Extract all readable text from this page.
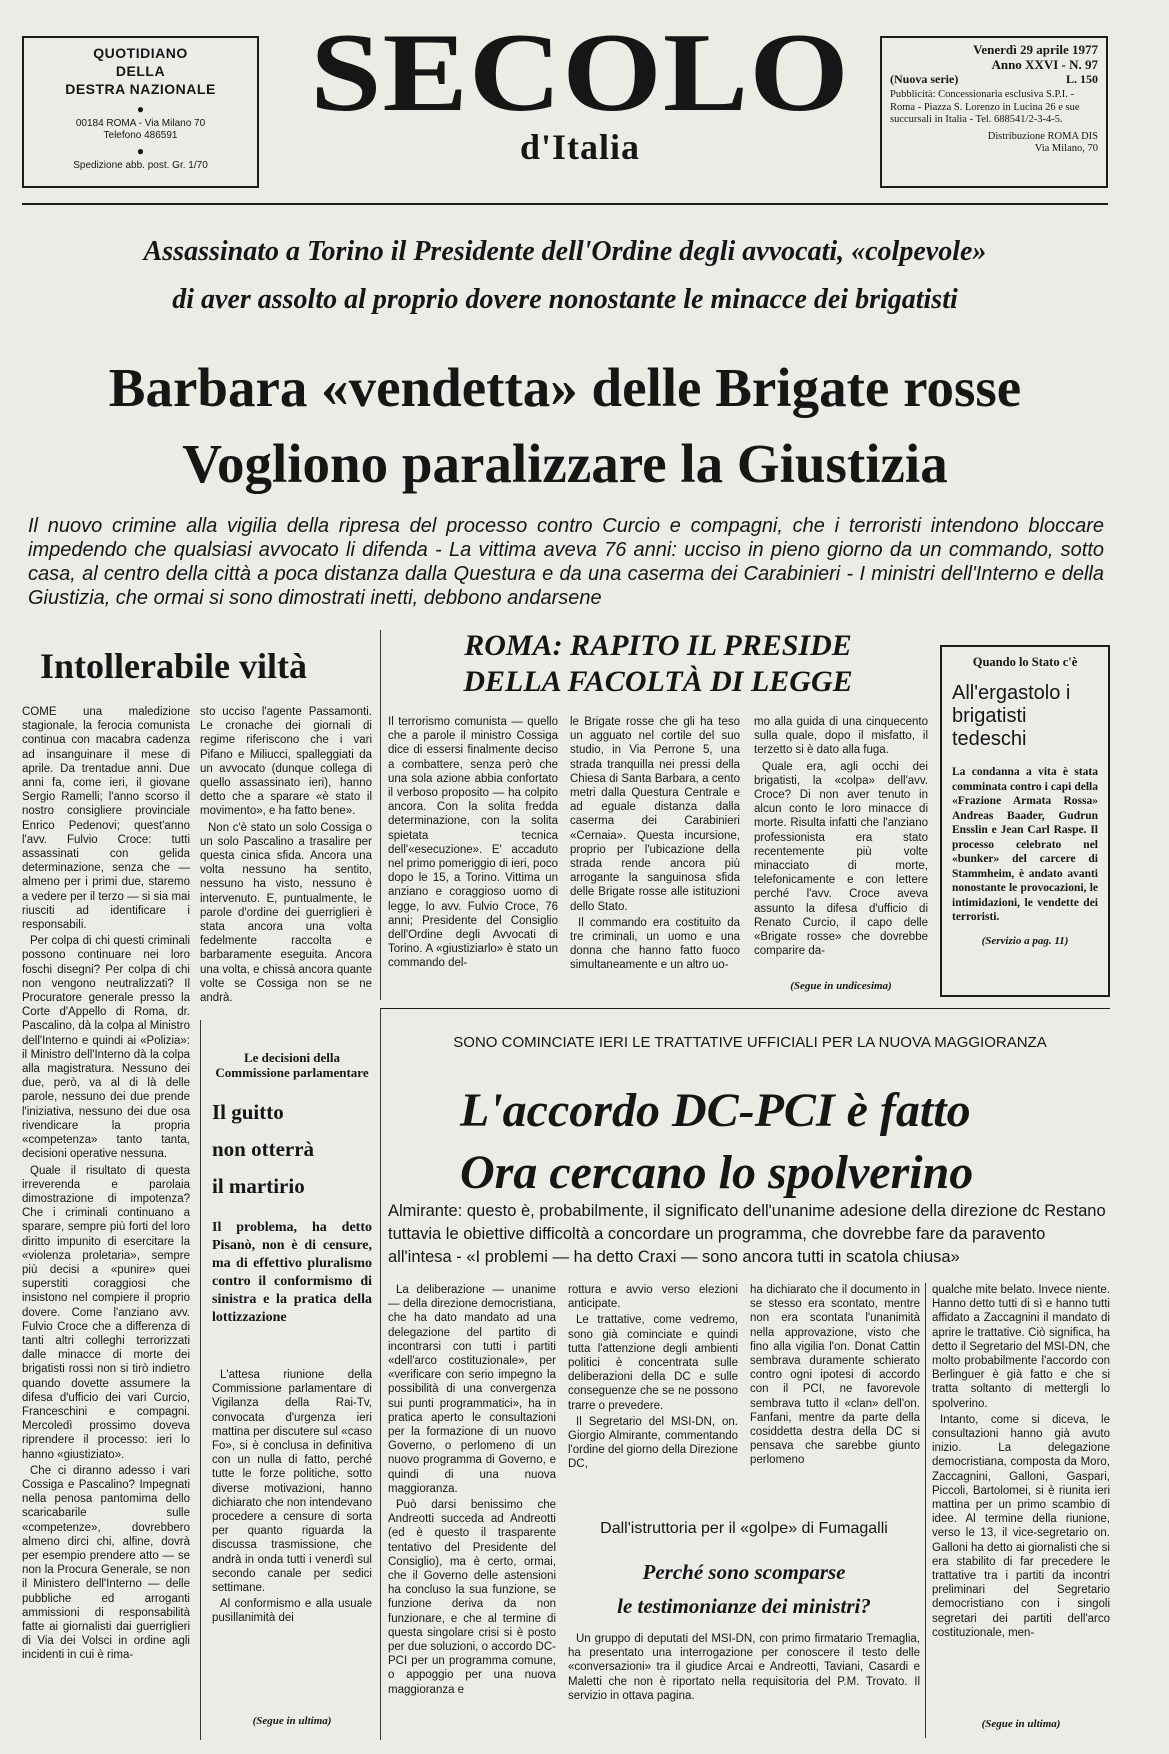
QUOTIDIANO
DELLA
DESTRA NAZIONALE
●
00184 ROMA - Via Milano 70
Telefono 486591
●
Spedizione abb. post. Gr. 1/70
SECOLO
d'Italia
Venerdì 29 aprile 1977
Anno XXVI - N. 97
(Nuova serie)	L. 150
Pubblicità: Concessionaria esclusiva S.P.I. - Roma - Piazza S. Lorenzo in Lucina 26 e sue succursali in Italia - Tel. 688541/2-3-4-5.
Distribuzione ROMA DIS
Via Milano, 70
Assassinato a Torino il Presidente dell'Ordine degli avvocati, «colpevole»
di aver assolto al proprio dovere nonostante le minacce dei brigatisti
Barbara «vendetta» delle Brigate rosse
Vogliono paralizzare la Giustizia
Il nuovo crimine alla vigilia della ripresa del processo contro Curcio e compagni, che i terroristi intendono bloccare impedendo che qualsiasi avvocato li difenda - La vittima aveva 76 anni: ucciso in pieno giorno da un commando, sotto casa, al centro della città a poca distanza dalla Questura e da una caserma dei Carabinieri - I ministri dell'Interno e della Giustizia, che ormai si sono dimostrati inetti, debbono andarsene
Intollerabile viltà

COME una maledizione stagionale, la ferocia comunista continua con macabra cadenza ad insanguinare il mese di aprile. Da trentadue anni. Due anni fa, come ieri, il giovane Sergio Ramelli; l'anno scorso il nostro consigliere provinciale Enrico Pedenovi; quest'anno l'avv. Fulvio Croce: tutti assassinati con gelida determinazione, senza che — almeno per i primi due, staremo a vedere per il terzo — si sia mai riusciti ad identificare i responsabili.

Per colpa di chi questi criminali possono continuare nei loro foschi disegni? Per colpa di chi non vengono neutralizzati? Il Procuratore generale presso la Corte d'Appello di Roma, dr. Pascalino, dà la colpa al Ministro dell'Interno e quindi ai «Polizia»: il Ministro dell'Interno dà la colpa alla magistratura. Nessuno dei due, però, va al di là delle parole, nessuno dei due prende l'iniziativa, nessuno dei due osa rivendicare la propria «competenza» tanto tanta, decisioni operative nessuna.

Quale il risultato di questa irreverenda e parolaia dimostrazione di impotenza? Che i criminali continuano a sparare, sempre più forti del loro diritto impunito di esercitare la «violenza proletaria», sempre più decisi a «punire» quei superstiti coraggiosi che insistono nel compiere il proprio dovere. Come l'anziano avv. Fulvio Croce che a differenza di tanti altri colleghi terrorizzati dalle minacce di morte dei brigatisti rossi non si tirò indietro quando dovette assumere la difesa d'ufficio dei vari Curcio, Franceschini e compagni. Mercoledì prossimo doveva riprendere il processo: ieri lo hanno «giustiziato».

Che ci diranno adesso i vari Cossiga e Pascalino? Impegnati nella penosa pantomima dello scaricabarile sulle «competenze», dovrebbero almeno dirci chi, alfine, dovrà per esempio prendere atto — se non la Procura Generale, se non il Ministero dell'Interno — delle pubbliche ed arroganti ammissioni di responsabilità fatte ai giornalisti dai guerriglieri di Via dei Volsci in ordine agli incidenti in cui è rima-

sto ucciso l'agente Passamonti. Le cronache dei giornali di regime riferiscono che i vari Pifano e Miliucci, spalleggiati da un avvocato (dunque collega di quello assassinato ieri), hanno detto che a sparare «è stato il movimento», e ha fatto bene».

Non c'è stato un solo Cossiga o un solo Pascalino a trasalire per questa cinica sfida. Ancora una volta nessuno ha sentito, nessuno ha visto, nessuno è intervenuto. E, puntualmente, le parole d'ordine dei guerriglieri è stata ancora una volta fedelmente raccolta e barbaramente eseguita. Ancora una volta, e chissà ancora quante volte se Cossiga non se ne andrà.

ROMA: RAPITO IL PRESIDE
DELLA FACOLTÀ DI LEGGE

Il terrorismo comunista — quello che a parole il ministro Cossiga dice di essersi finalmente deciso a combattere, senza però che una sola azione abbia confortato il verboso proposito — ha colpito ancora. Con la solita fredda determinazione, con la solita spietata tecnica dell'«esecuzione». E' accaduto nel primo pomeriggio di ieri, poco dopo le 15, a Torino. Vittima un anziano e coraggioso uomo di legge, lo avv. Fulvio Croce, 76 anni; Presidente del Consiglio dell'Ordine degli Avvocati di Torino. A «giustiziarlo» è stato un commando del-

le Brigate rosse che gli ha teso un agguato nel cortile del suo studio, in Via Perrone 5, una strada tranquilla nei pressi della Chiesa di Santa Barbara, a cento metri dalla Questura Centrale e ad eguale distanza dalla caserma dei Carabinieri «Cernaia». Questa incursione, proprio per l'ubicazione della strada rende ancora più arrogante la sanguinosa sfida delle Brigate rosse alle istituzioni dello Stato.

Il commando era costituito da tre criminali, un uomo e una donna che hanno fatto fuoco simultaneamente e un altro uo-

mo alla guida di una cinquecento sulla quale, dopo il misfatto, il terzetto si è dato alla fuga.

Quale era, agli occhi dei brigatisti, la «colpa» dell'avv. Croce? Di non aver tenuto in alcun conto le loro minacce di morte. Risulta infatti che l'anziano professionista era stato recentemente più volte minacciato di morte, telefonicamente e con lettere perché l'avv. Croce aveva assunto la difesa d'ufficio di Renato Curcio, il capo delle «Brigate rosse» che dovrebbe comparire da-

(Segue in undicesima)
Quando lo Stato c'è
All'ergastolo i brigatisti tedeschi
La condanna a vita è stata comminata contro i capi della «Frazione Armata Rossa» Andreas Baader, Gudrun Ensslin e Jean Carl Raspe. Il processo celebrato nel «bunker» del carcere di Stammheim, è andato avanti nonostante le provocazioni, le intimidazioni, le vendette dei terroristi.
(Servizio a pag. 11)
Le decisioni della Commissione parlamentare
Il guitto
non otterrà
il martirio
Il problema, ha detto Pisanò, non è di censure, ma di effettivo pluralismo contro il conformismo di sinistra e la pratica della lottizzazione

L'attesa riunione della Commissione parlamentare di Vigilanza della Rai-Tv, convocata d'urgenza ieri mattina per discutere sul «caso Fo», si è conclusa in definitiva con un nulla di fatto, perché tutte le forze politiche, sotto diverse motivazioni, hanno dichiarato che non intendevano procedere a censure di sorta per quanto riguarda la discussa trasmissione, che andrà in onda tutti i venerdì sul secondo canale per sedici settimane.

Al conformismo e alla usuale pusillanimità dei

(Segue in ultima)
SONO COMINCIATE IERI LE TRATTATIVE UFFICIALI PER LA NUOVA MAGGIORANZA
L'accordo DC-PCI è fatto
Ora cercano lo spolverino
Almirante: questo è, probabilmente, il significato dell'unanime adesione della direzione dc Restano tuttavia le obiettive difficoltà a concordare un programma, che dovrebbe fare da paravento all'intesa - «I problemi — ha detto Craxi — sono ancora tutti in scatola chiusa»

La deliberazione — unanime — della direzione democristiana, che ha dato mandato ad una delegazione del partito di incontrarsi con tutti i partiti «dell'arco costituzionale», per «verificare con serio impegno la possibilità di una convergenza sui punti programmatici», ha in pratica aperto le consultazioni per la formazione di un nuovo Governo, o perlomeno di un nuovo programma di Governo, e quindi di una nuova maggioranza.

Può darsi benissimo che Andreotti succeda ad Andreotti (ed è questo il trasparente tentativo del Presidente del Consiglio), ma è certo, ormai, che il Governo delle astensioni ha concluso la sua funzione, se funzione deriva da non funzionare, e che al termine di questa singolare crisi si è posto per due soluzioni, o accordo DC-PCI per un programma comune, o appoggio per una nuova maggioranza e

rottura e avvio verso elezioni anticipate.

Le trattative, come vedremo, sono già cominciate e quindi tutta l'attenzione degli ambienti politici è concentrata sulle deliberazioni della DC e sulle conseguenze che se ne possono trarre o prevedere.

Il Segretario del MSI-DN, on. Giorgio Almirante, commentando l'ordine del giorno della Direzione DC,

ha dichiarato che il documento in se stesso era scontato, mentre non era scontata l'unanimità nella approvazione, visto che fino alla vigilia l'on. Donat Cattin sembrava duramente schierato contro ogni ipotesi di accordo con il PCI, ne favorevole sembrava tutto il «clan» dell'on. Fanfani, mentre da parte della cosiddetta destra della DC si pensava che sarebbe giunto perlomeno

qualche mite belato. Invece niente. Hanno detto tutti di sì e hanno tutti affidato a Zaccagnini il mandato di aprire le trattative. Ciò significa, ha detto il Segretario del MSI-DN, che molto probabilmente l'accordo con Berlinguer è già fatto e che si tratta soltanto di mettergli lo spolverino.

Intanto, come si diceva, le consultazioni hanno già avuto inizio. La delegazione democristiana, composta da Moro, Zaccagnini, Galloni, Gaspari, Piccoli, Bartolomei, si è riunita ieri mattina per un primo scambio di idee. Al termine della riunione, verso le 13, il vice-segretario on. Galloni ha detto ai giornalisti che si era stabilito di far precedere le trattative tra i partiti da incontri preliminari del Segretario democristiano con i singoli segretari dei partiti dell'arco costituzionale, men-

(Segue in ultima)
Dall'istruttoria per il «golpe» di Fumagalli
Perché sono scomparse
le testimonianze dei ministri?

Un gruppo di deputati del MSI-DN, con primo firmatario Tremaglia, ha presentato una interrogazione per conoscere il testo delle «conversazioni» tra il giudice Arcai e Andreotti, Taviani, Casardi e Maletti che non è riportato nella requisitoria del P.M. Trovato. Il servizio in ottava pagina.
